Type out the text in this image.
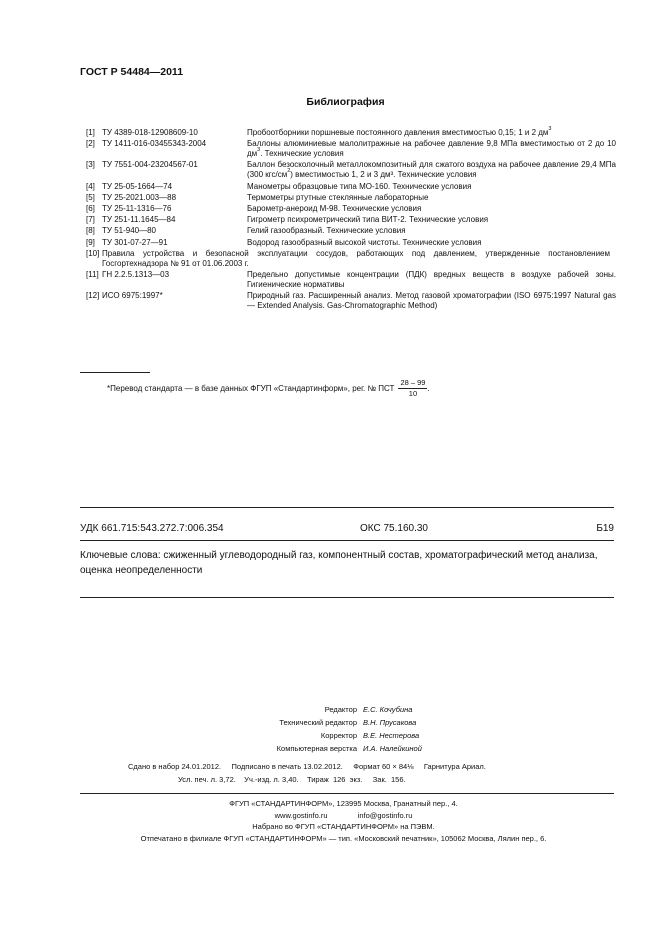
ГОСТ Р 54484—2011
Библиография
[1] ТУ 4389-018-12908609-10	Пробоотборники поршневые постоянного давления вместимостью 0,15; 1 и 2 $дм^3$
[2] ТУ 1411-016-03455343-2004	Баллоны алюминиевые малолитражные на рабочее давление 9,8 МПа вместимостью от 2 до 10 $дм^3$. Технические условия
[3] ТУ 7551-004-23204567-01	Баллон безосколочный металлокомпозитный для сжатого воздуха на рабочее давление 29,4 МПа (300 кгс/$см^2$) вместимостью 1, 2 и 3 дм³. Технические условия
[4] ТУ 25-05-1664—74	Манометры образцовые типа МО-160. Технические условия
[5] ТУ 25-2021.003—88	Термометры ртутные стеклянные лабораторные
[6] ТУ 25-11-1316—76	Барометр-анероид М-98. Технические условия
[7] ТУ 251-11.1645—84	Гигрометр психрометрический типа ВИТ-2. Технические условия
[8] ТУ 51-940—80	Гелий газообразный. Технические условия
[9] ТУ 301-07-27—91	Водород газообразный высокой чистоты. Технические условия
[10] Правила устройства и безопасной эксплуатации сосудов, работающих под давлением, утвержденные постановлением Госгортехнадзора № 91 от 01.06.2003 г.
[11] ГН 2.2.5.1313—03	Предельно допустимые концентрации (ПДК) вредных веществ в воздухе рабочей зоны. Гигиенические нормативы
[12] ИСО 6975:1997*	Природный газ. Расширенный анализ. Метод газовой хроматографии (ISO 6975:1997 Natural gas — Extended Analysis. Gas-Chromatographic Method)
*Перевод стандарта — в базе данных ФГУП «Стандартинформ», рег. № ПСТ $\frac{28 - 99}{10}$ .
УДК 661.715:543.272.7:006.354	ОКС 75.160.30	Б19
Ключевые слова: сжиженный углеводородный газ, компонентный состав, хроматографический метод анализа, оценка неопределенности
Редактор Е.С. Кочубина
Технический редактор В.Н. Прусакова
Корректор В.Е. Нестерова
Компьютерная верстка И.А. Налейкиной
Сдано в набор 24.01.2012.     Подписано в печать 13.02.2012.     Формат 60 × 84⅛     Гарнитура Ариал.
Усл. печ. л. 3,72.    Уч.-изд. л. 3,40.    Тираж  126  экз.     Зак.  156.
ФГУП «СТАНДАРТИНФОРМ», 123995 Москва, Гранатный пер., 4.
www.gostinfo.ru	info@gostinfo.ru
Набрано во ФГУП «СТАНДАРТИНФОРМ» на ПЭВМ.
Отпечатано в филиале ФГУП «СТАНДАРТИНФОРМ» — тип. «Московский печатник», 105062 Москва, Лялин пер., 6.
